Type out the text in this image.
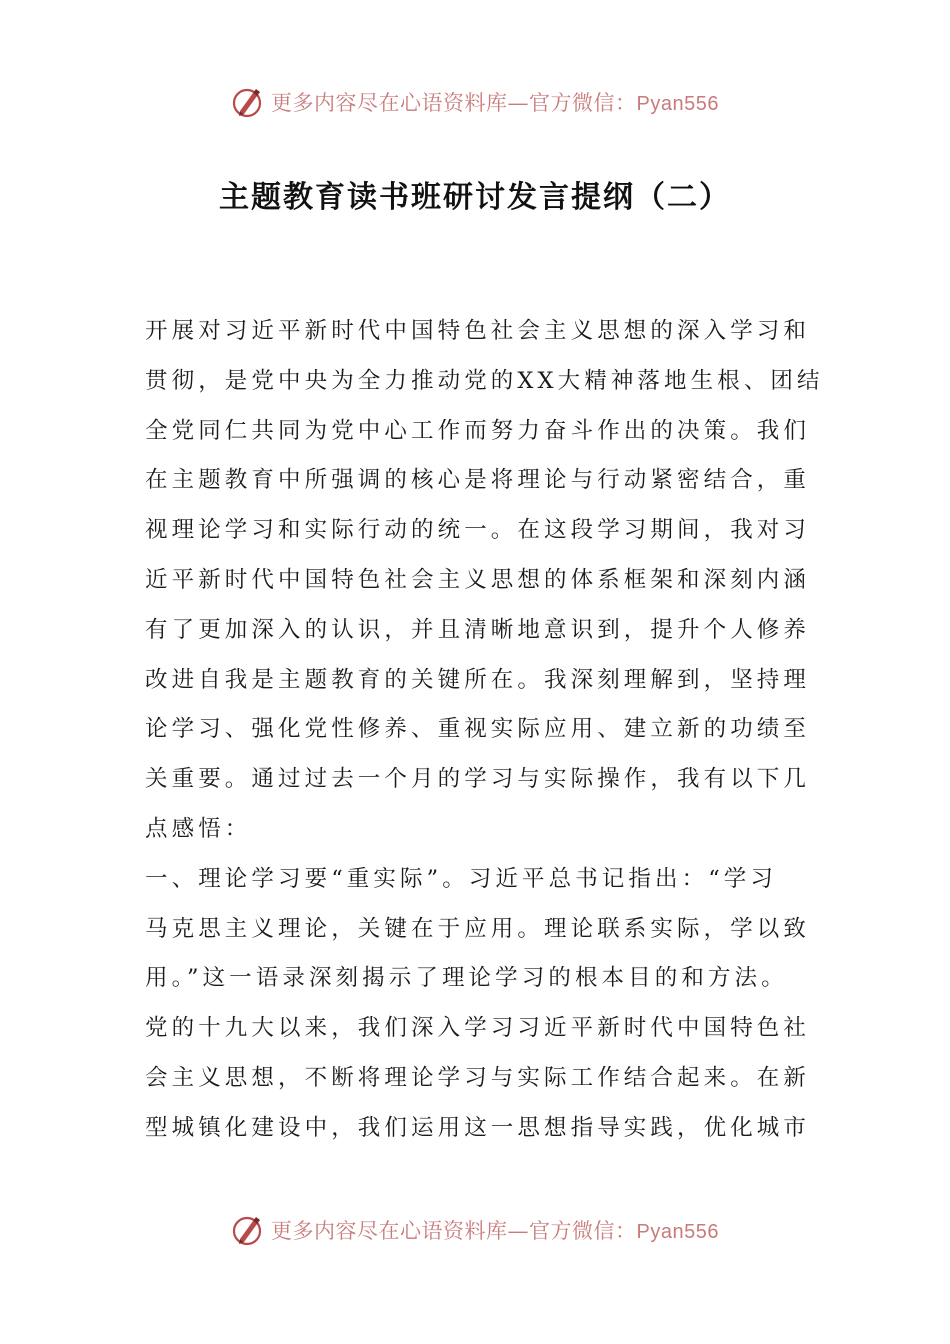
更多内容尽在心语资料库—官方微信：Pyan556
主题教育读书班研讨发言提纲（二）
开展对习近平新时代中国特色社会主义思想的深入学习和
贯彻，是党中央为全力推动党的XX大精神落地生根、团结
全党同仁共同为党中心工作而努力奋斗作出的决策。我们
在主题教育中所强调的核心是将理论与行动紧密结合，重
视理论学习和实际行动的统一。在这段学习期间，我对习
近平新时代中国特色社会主义思想的体系框架和深刻内涵
有了更加深入的认识，并且清晰地意识到，提升个人修养
改进自我是主题教育的关键所在。我深刻理解到，坚持理
论学习、强化党性修养、重视实际应用、建立新的功绩至
关重要。通过过去一个月的学习与实际操作，我有以下几
点感悟：
一、理论学习要“重实际”。习近平总书记指出：“学习
马克思主义理论，关键在于应用。理论联系实际，学以致
用。”这一语录深刻揭示了理论学习的根本目的和方法。
党的十九大以来，我们深入学习习近平新时代中国特色社
会主义思想，不断将理论学习与实际工作结合起来。在新
型城镇化建设中，我们运用这一思想指导实践，优化城市
更多内容尽在心语资料库—官方微信：Pyan556
